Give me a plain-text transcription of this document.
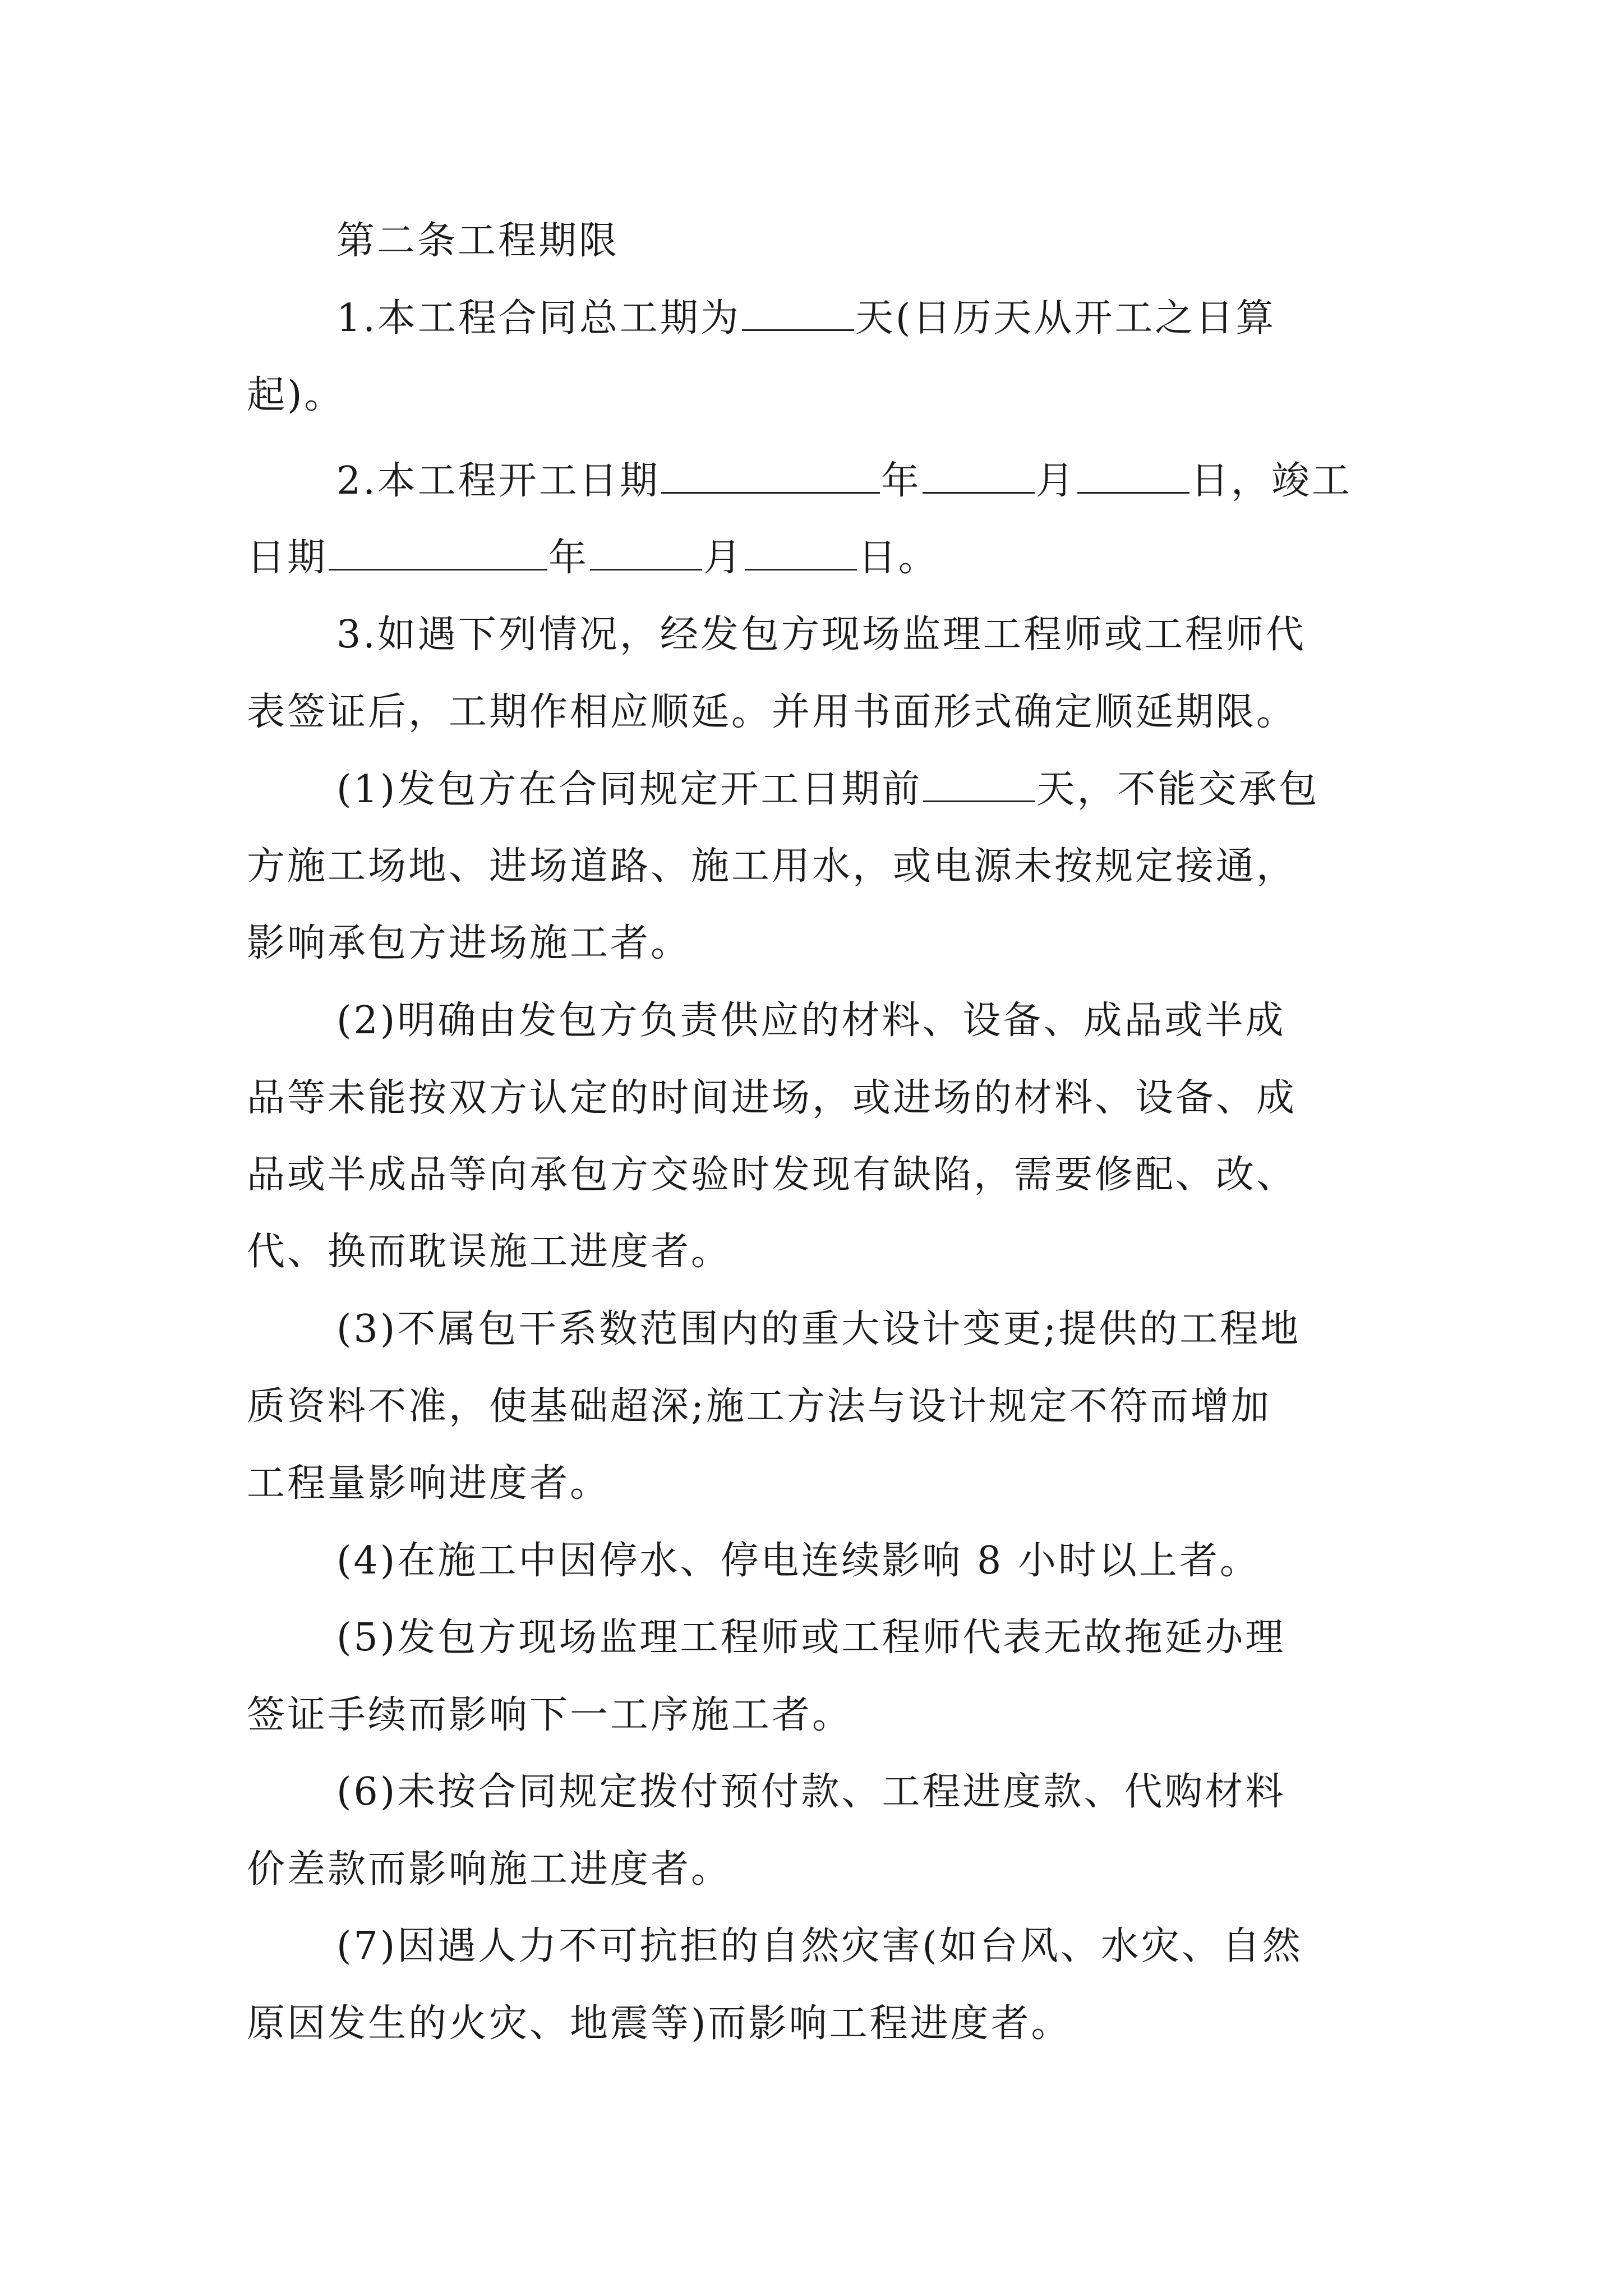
第二条工程期限
1.本工程合同总工期为	天(日历天从开工之日算
起)。
2.本工程开工日期	年	月	日，竣工
日期	年	月	日。
3.如遇下列情况，经发包方现场监理工程师或工程师代
表签证后，工期作相应顺延。并用书面形式确定顺延期限。
(1)发包方在合同规定开工日期前	天，不能交承包
方施工场地、进场道路、施工用水，或电源未按规定接通，
影响承包方进场施工者。
(2)明确由发包方负责供应的材料、设备、成品或半成
品等未能按双方认定的时间进场，或进场的材料、设备、成
品或半成品等向承包方交验时发现有缺陷，需要修配、改、
代、换而耽误施工进度者。
(3)不属包干系数范围内的重大设计变更;提供的工程地
质资料不准，使基础超深;施工方法与设计规定不符而增加
工程量影响进度者。
(4)在施工中因停水、停电连续影响 8 小时以上者。
(5)发包方现场监理工程师或工程师代表无故拖延办理
签证手续而影响下一工序施工者。
(6)未按合同规定拨付预付款、工程进度款、代购材料
价差款而影响施工进度者。
(7)因遇人力不可抗拒的自然灾害(如台风、水灾、自然
原因发生的火灾、地震等)而影响工程进度者。
